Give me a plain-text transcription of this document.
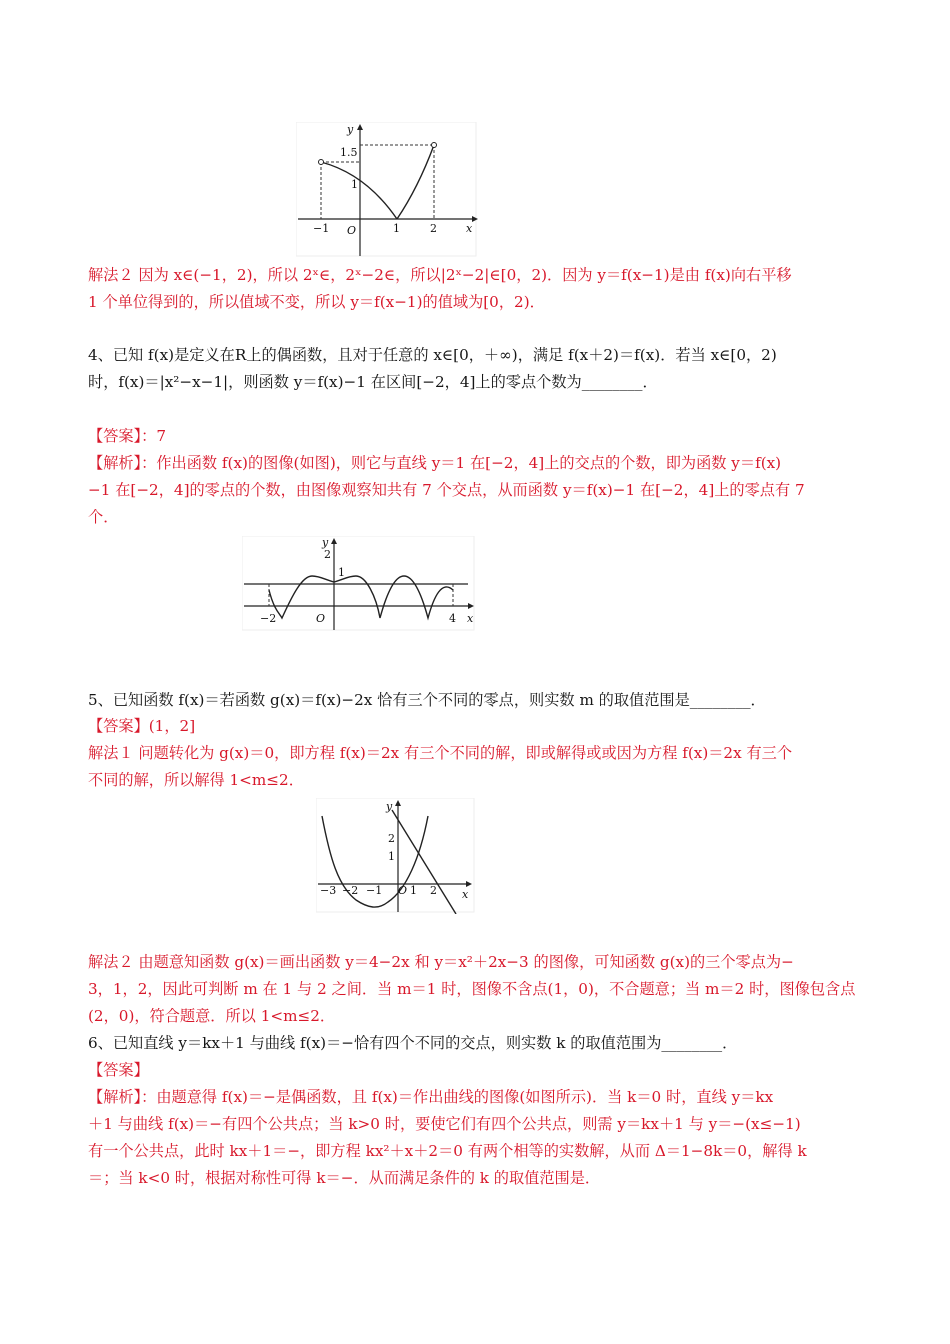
y
x
O
1.5
1
−1	1	2
解法２ 因为 x∈(−1，2)，所以 2ˣ∈，2ˣ−2∈，所以|2ˣ−2|∈[0，2)．因为 y＝f(x−1)是由 f(x)向右平移
1 个单位得到的，所以值域不变，所以 y＝f(x−1)的值域为[0，2)．
4、已知 f(x)是定义在R上的偶函数，且对于任意的 x∈[0，＋∞)，满足 f(x＋2)＝f(x)．若当 x∈[0，2)
时，f(x)＝|x²−x−1|，则函数 y＝f(x)−1 在区间[−2，4]上的零点个数为________．
【答案】：7
【解析】：作出函数 f(x)的图像(如图)，则它与直线 y＝1 在[−2，4]上的交点的个数，即为函数 y＝f(x)
−1 在[−2，4]的零点的个数，由图像观察知共有 7 个交点，从而函数 y＝f(x)−1 在[−2，4]上的零点有 7
个．
y
x
O
2
1
−2	4
5、已知函数 f(x)＝若函数 g(x)＝f(x)−2x 恰有三个不同的零点，则实数 m 的取值范围是________．
【答案】(1，2]
解法１ 问题转化为 g(x)＝0，即方程 f(x)＝2x 有三个不同的解，即或解得或或因为方程 f(x)＝2x 有三个
不同的解，所以解得 1<m≤2．
y
x
O
2
1
−3 −2 −1	1 2
解法２ 由题意知函数 g(x)＝画出函数 y＝4−2x 和 y＝x²＋2x−3 的图像，可知函数 g(x)的三个零点为−
3，1，2，因此可判断 m 在 1 与 2 之间．当 m＝1 时，图像不含点(1，0)，不合题意；当 m＝2 时，图像包含点
(2，0)，符合题意．所以 1<m≤2．
6、已知直线 y＝kx＋1 与曲线 f(x)＝−恰有四个不同的交点，则实数 k 的取值范围为________．
【答案】
【解析】：由题意得 f(x)＝−是偶函数，且 f(x)＝作出曲线的图像(如图所示)．当 k＝0 时，直线 y＝kx
＋1 与曲线 f(x)＝−有四个公共点；当 k>0 时，要使它们有四个公共点，则需 y＝kx＋1 与 y＝−(x≤−1)
有一个公共点，此时 kx＋1＝−，即方程 kx²＋x＋2＝0 有两个相等的实数解，从而 Δ＝1−8k＝0，解得 k
＝；当 k<0 时，根据对称性可得 k＝−．从而满足条件的 k 的取值范围是．
